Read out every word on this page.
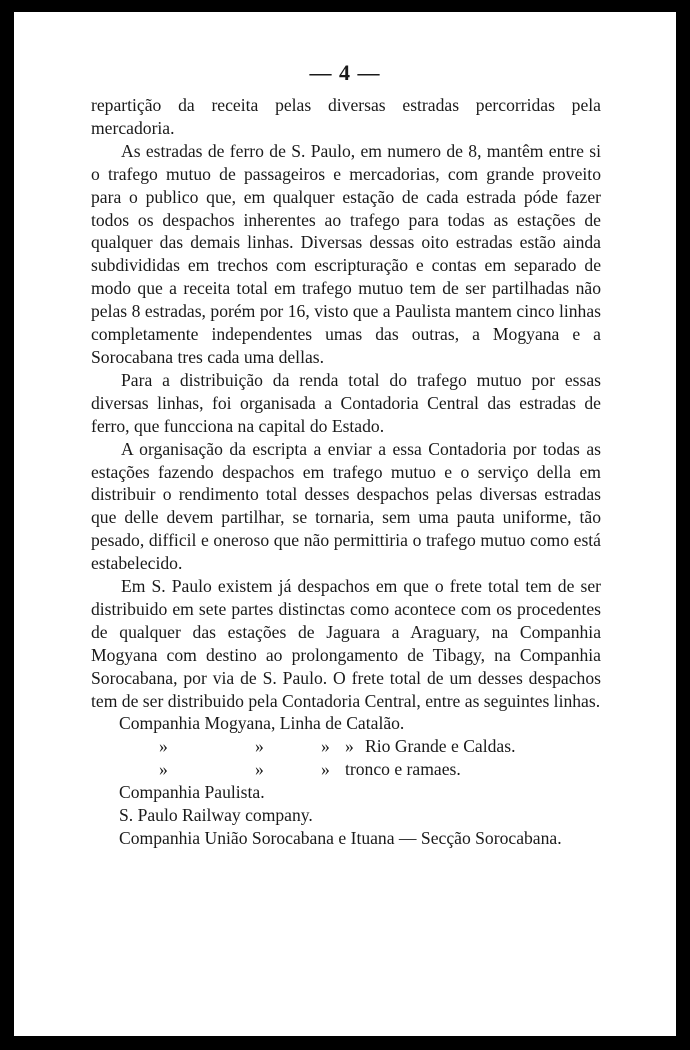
— 4 —

repartição da receita pelas diversas estradas percorridas pela mercadoria.

As estradas de ferro de S. Paulo, em numero de 8, mantêm entre si o trafego mutuo de passageiros e mercadorias, com grande proveito para o publico que, em qualquer estação de cada estrada póde fazer todos os despachos inherentes ao trafego para todas as estações de qualquer das demais linhas. Diversas dessas oito estradas estão ainda subdivididas em trechos com escripturação e contas em separado de modo que a receita total em trafego mutuo tem de ser partilhadas não pelas 8 estradas, porém por 16, visto que a Paulista mantem cinco linhas completamente independentes umas das outras, a Mogyana e a Sorocabana tres cada uma dellas.

Para a distribuição da renda total do trafego mutuo por essas diversas linhas, foi organisada a Contadoria Central das estradas de ferro, que funcciona na capital do Estado.

A organisação da escripta a enviar a essa Contadoria por todas as estações fazendo despachos em trafego mutuo e o serviço della em distribuir o rendimento total desses despachos pelas diversas estradas que delle devem partilhar, se tornaria, sem uma pauta uniforme, tão pesado, difficil e oneroso que não permittiria o trafego mutuo como está estabelecido.

Em S. Paulo existem já despachos em que o frete total tem de ser distribuido em sete partes distinctas como acontece com os procedentes de qualquer das estações de Jaguara a Araguary, na Companhia Mogyana com destino ao prolongamento de Tibagy, na Companhia Sorocabana, por via de S. Paulo. O frete total de um desses despachos tem de ser distribuido pela Contadoria Central, entre as seguintes linhas.

Companhia Mogyana, Linha de Catalão.

»	»	» » Rio Grande e Caldas.

»	»	» tronco e ramaes.

Companhia Paulista.

S. Paulo Railway company.

Companhia União Sorocabana e Ituana — Secção Sorocabana.
